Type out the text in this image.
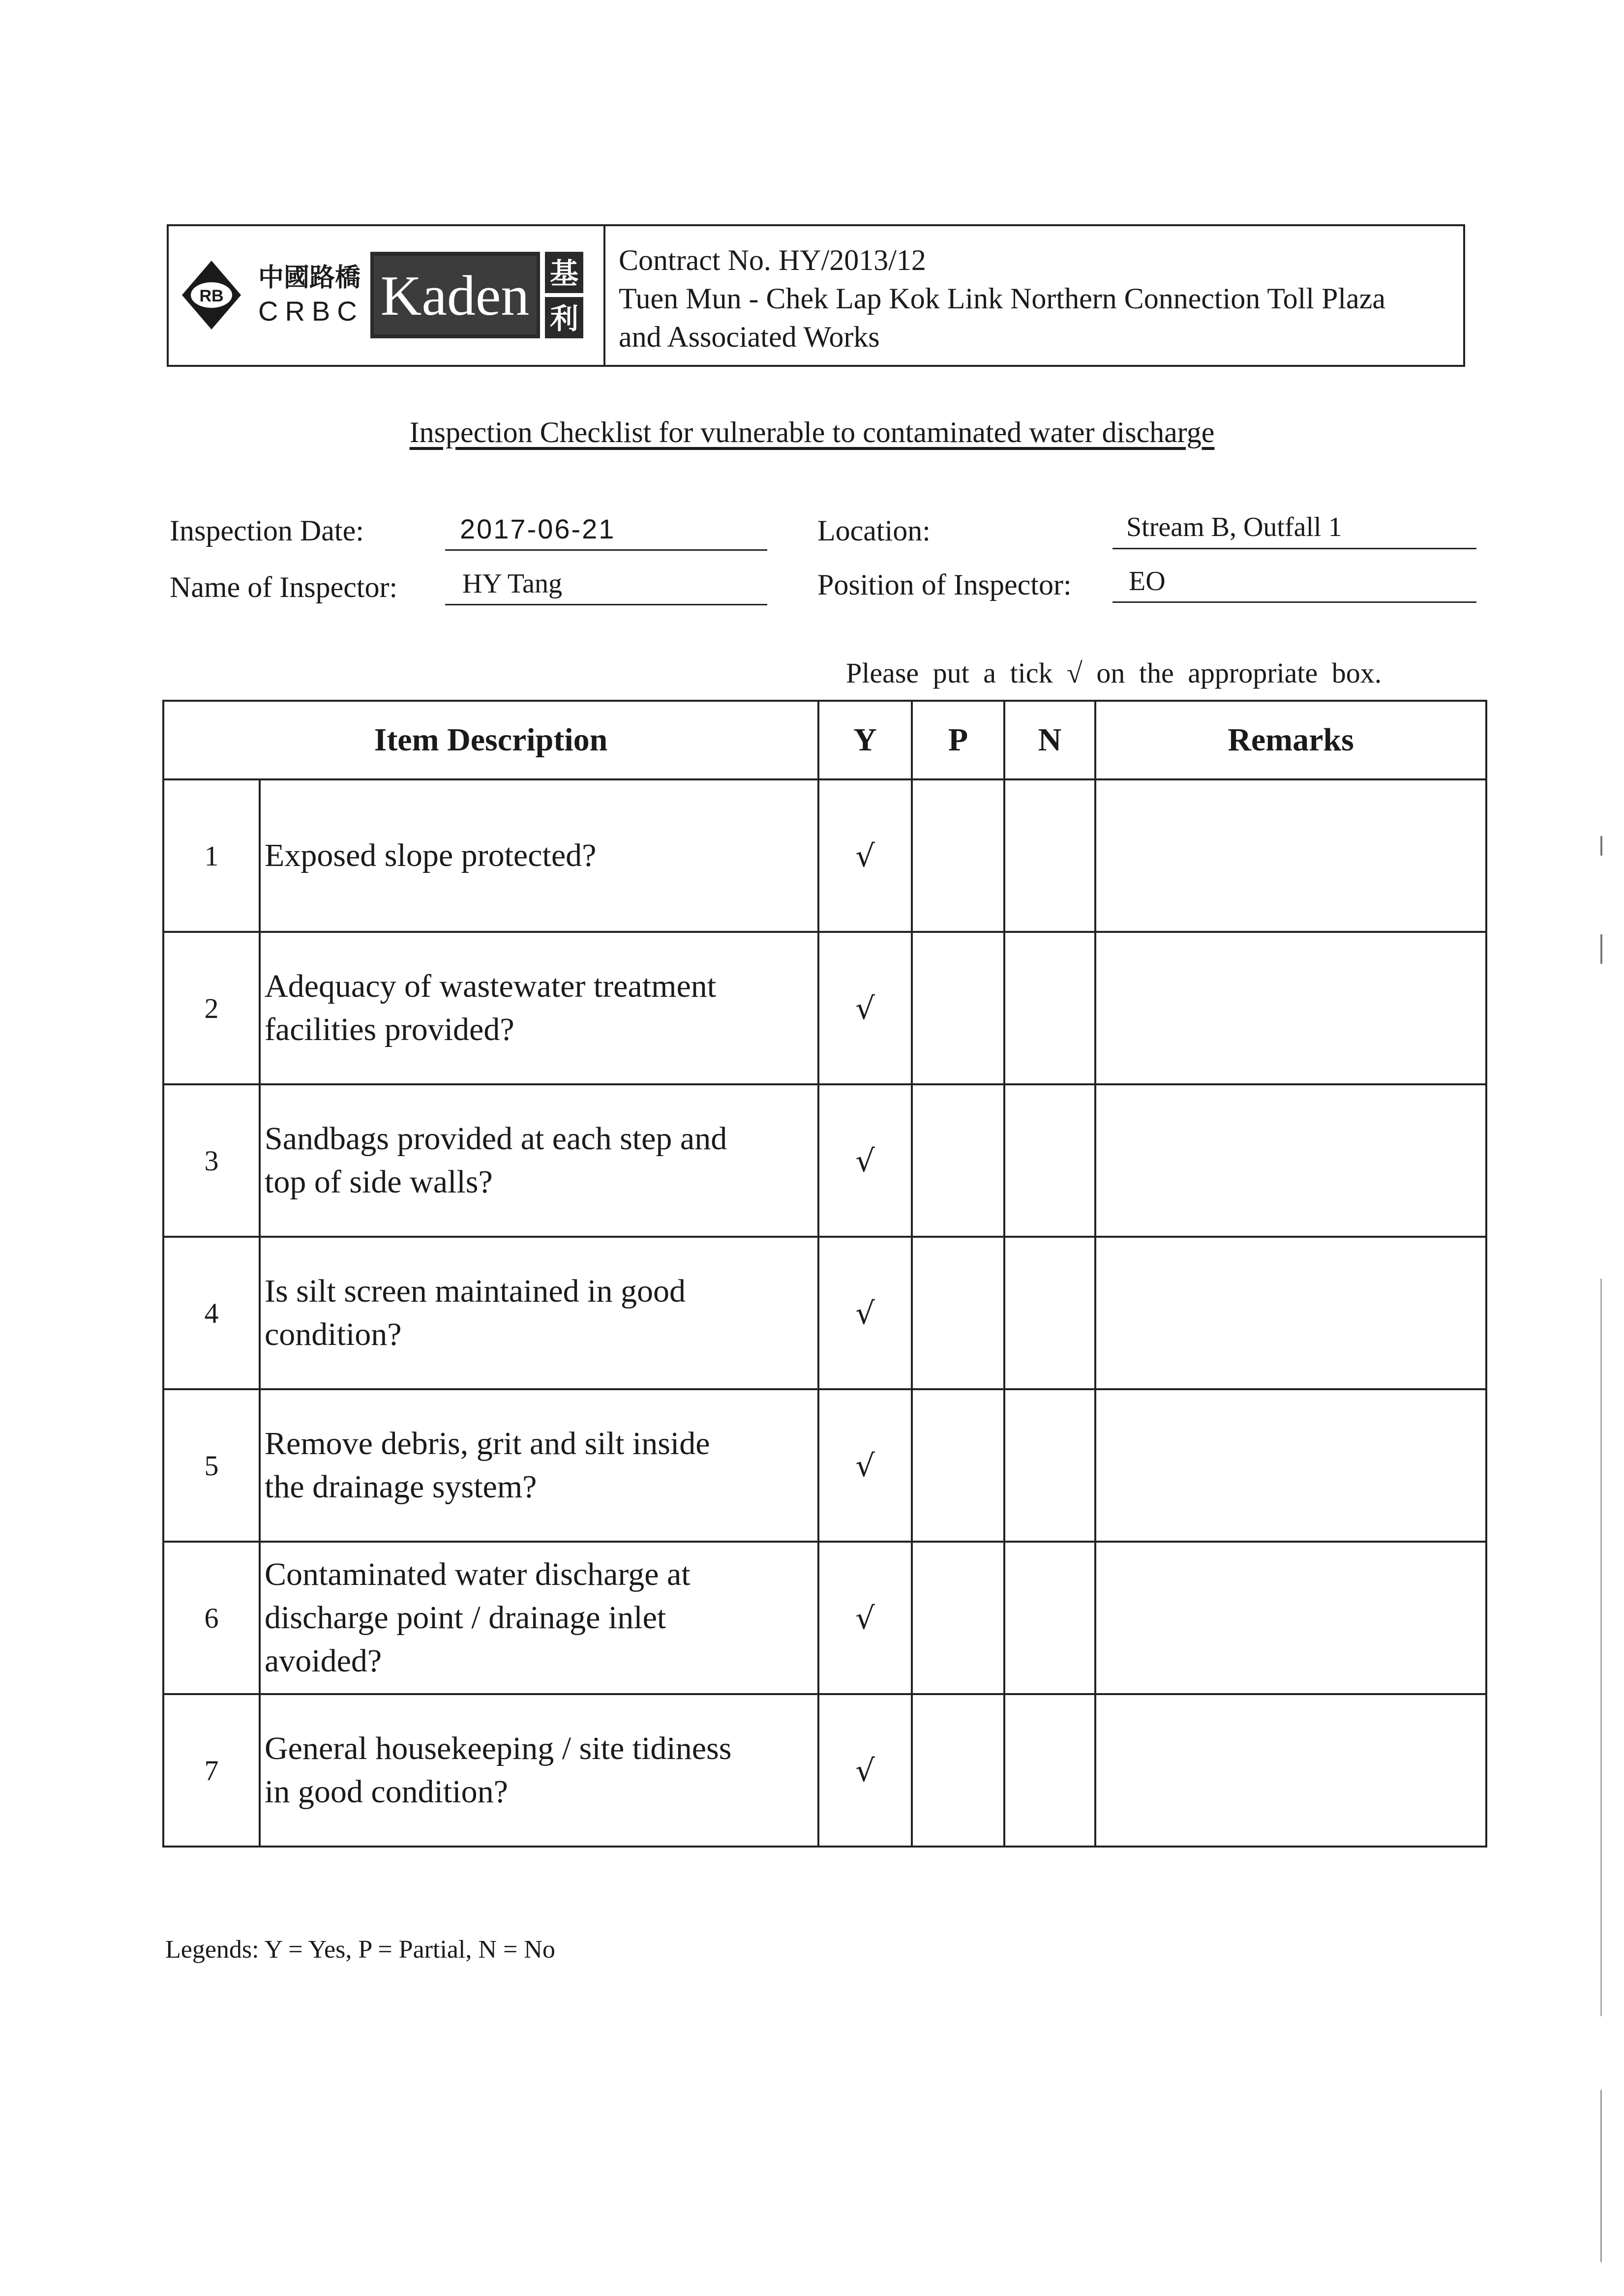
RB
中國路橋
CRBC Kaden 基
利
Contract No. HY/2013/12
Tuen Mun - Chek Lap Kok Link Northern Connection Toll Plaza
and Associated Works
Inspection Checklist for vulnerable to contaminated water discharge
Inspection Date:	2017-06-21	Location:	Stream B, Outfall 1
Name of Inspector: HY Tang	Position of Inspector: EO
Please put a tick √ on the appropriate box.
Item Description		Y	P	N	Remarks
1	Exposed slope protected?	√			
2	Adequacy of wastewater treatment
facilities provided?	√			
3	Sandbags provided at each step and
top of side walls?	√			
4	Is silt screen maintained in good
condition?	√			
5	Remove debris, grit and silt inside
the drainage system?	√			
6	Contaminated water discharge at
discharge point / drainage inlet
avoided?	√			
7	General housekeeping / site tidiness
in good condition?	√			
Legends: Y = Yes, P = Partial, N = No
